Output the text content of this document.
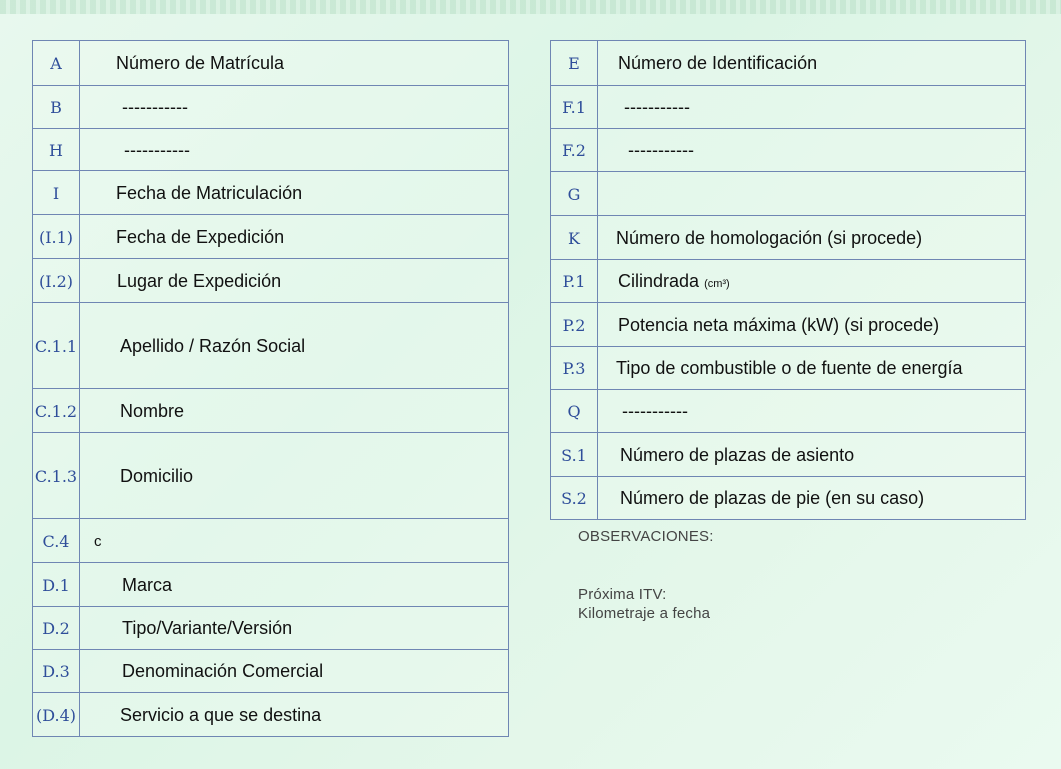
A	Número de Matrícula
B	-----------
H	-----------
I	Fecha de Matriculación
(I.1)	Fecha de Expedición
(I.2)	Lugar de Expedición
C.1.1 Apellido / Razón Social
C.1.2 Nombre
C.1.3 Domicilio
C.4	c
D.1	Marca
D.2	Tipo/Variante/Versión
D.3	Denominación Comercial
(D.4) Servicio a que se destina
E	Número de Identificación
F.1	-----------
F.2	-----------
G
K	Número de homologación (si procede)
P.1	Cilindrada (cm³)
P.2	Potencia neta máxima (kW) (si procede)
P.3	Tipo de combustible o de fuente de energía
Q	-----------
S.1	Número de plazas de asiento
S.2	Número de plazas de pie (en su caso)
OBSERVACIONES:
Próxima ITV:
Kilometraje a fecha
